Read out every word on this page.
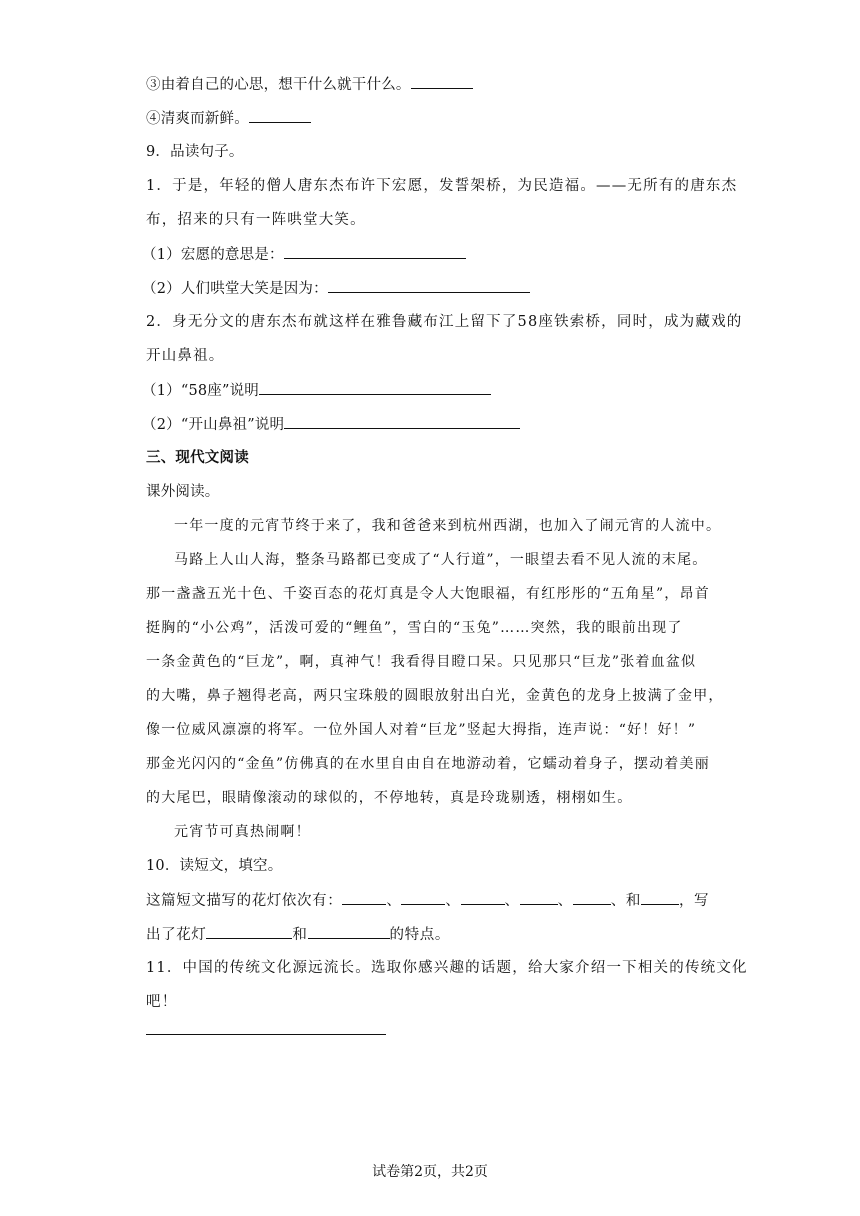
③由着自己的心思，想干什么就干什么。
④清爽而新鲜。
9．品读句子。
1．于是，年轻的僧人唐东杰布许下宏愿，发誓架桥，为民造福。——无所有的唐东杰
布，招来的只有一阵哄堂大笑。
（1）宏愿的意思是：
（2）人们哄堂大笑是因为：
2．身无分文的唐东杰布就这样在雅鲁藏布江上留下了58座铁索桥，同时，成为藏戏的
开山鼻祖。
（1）“58座”说明
（2）“开山鼻祖”说明
三、现代文阅读
课外阅读。
一年一度的元宵节终于来了，我和爸爸来到杭州西湖，也加入了闹元宵的人流中。
马路上人山人海，整条马路都已变成了“人行道”，一眼望去看不见人流的末尾。
那一盏盏五光十色、千姿百态的花灯真是令人大饱眼福，有红彤彤的“五角星”，昂首
挺胸的“小公鸡”，活泼可爱的“鲤鱼”，雪白的“玉兔”……突然，我的眼前出现了
一条金黄色的“巨龙”，啊，真神气！我看得目瞪口呆。只见那只“巨龙”张着血盆似
的大嘴，鼻子翘得老高，两只宝珠般的圆眼放射出白光，金黄色的龙身上披满了金甲，
像一位威风凛凛的将军。一位外国人对着“巨龙”竖起大拇指，连声说：“好！好！”
那金光闪闪的“金鱼”仿佛真的在水里自由自在地游动着，它蠕动着身子，摆动着美丽
的大尾巴，眼睛像滚动的球似的，不停地转，真是玲珑剔透，栩栩如生。
元宵节可真热闹啊！
10．读短文，填空。
这篇短文描写的花灯依次有：	、	、	、	、	、和	，写
出了花灯	和	的特点。
11．中国的传统文化源远流长。选取你感兴趣的话题，给大家介绍一下相关的传统文化
吧！
试卷第2页，共2页
